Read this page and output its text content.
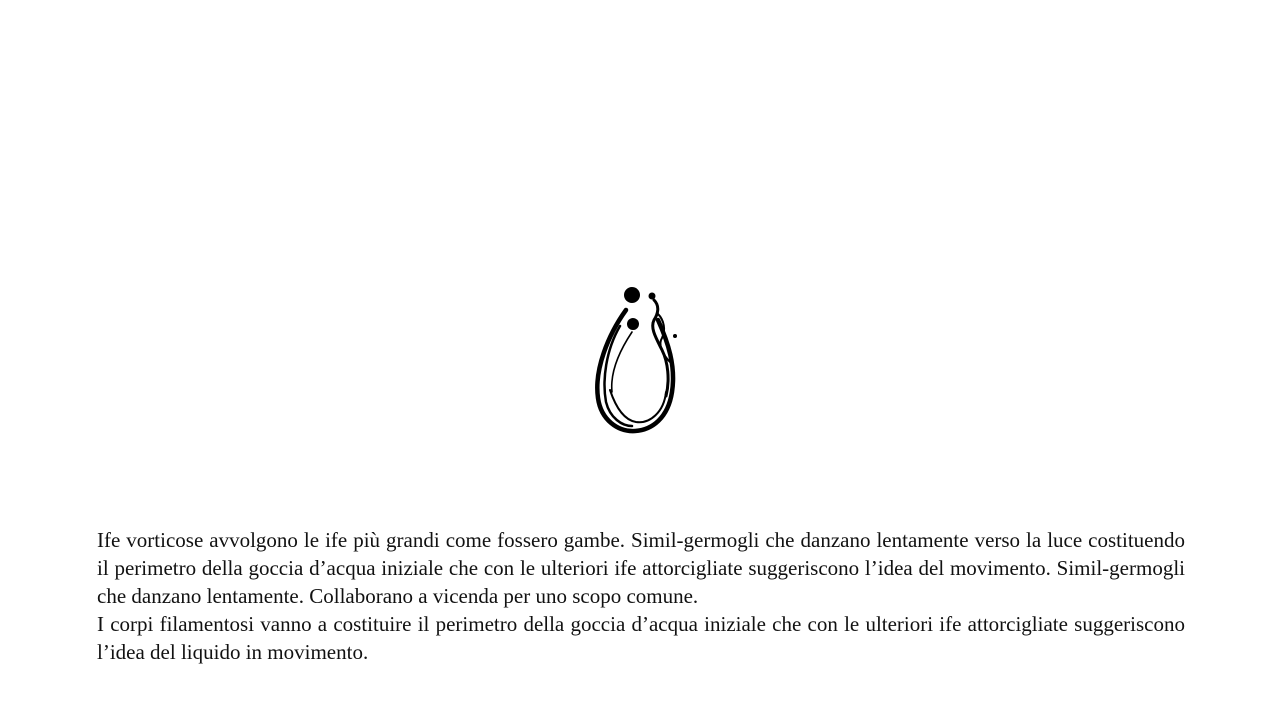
Ife vorticose avvolgono le ife più grandi come fossero gambe. Simil-germogli che danzano lentamente verso la luce costituendo il perimetro della goccia d’acqua iniziale che con le ulteriori ife attorcigliate suggeriscono l’idea del movimento. Simil-germogli che danzano lentamente. Collaborano a vicenda per uno scopo comune.

I corpi filamentosi vanno a costituire il perimetro della goccia d’acqua iniziale che con le ulteriori ife attorcigliate suggeriscono l’idea del liquido in movimento.
